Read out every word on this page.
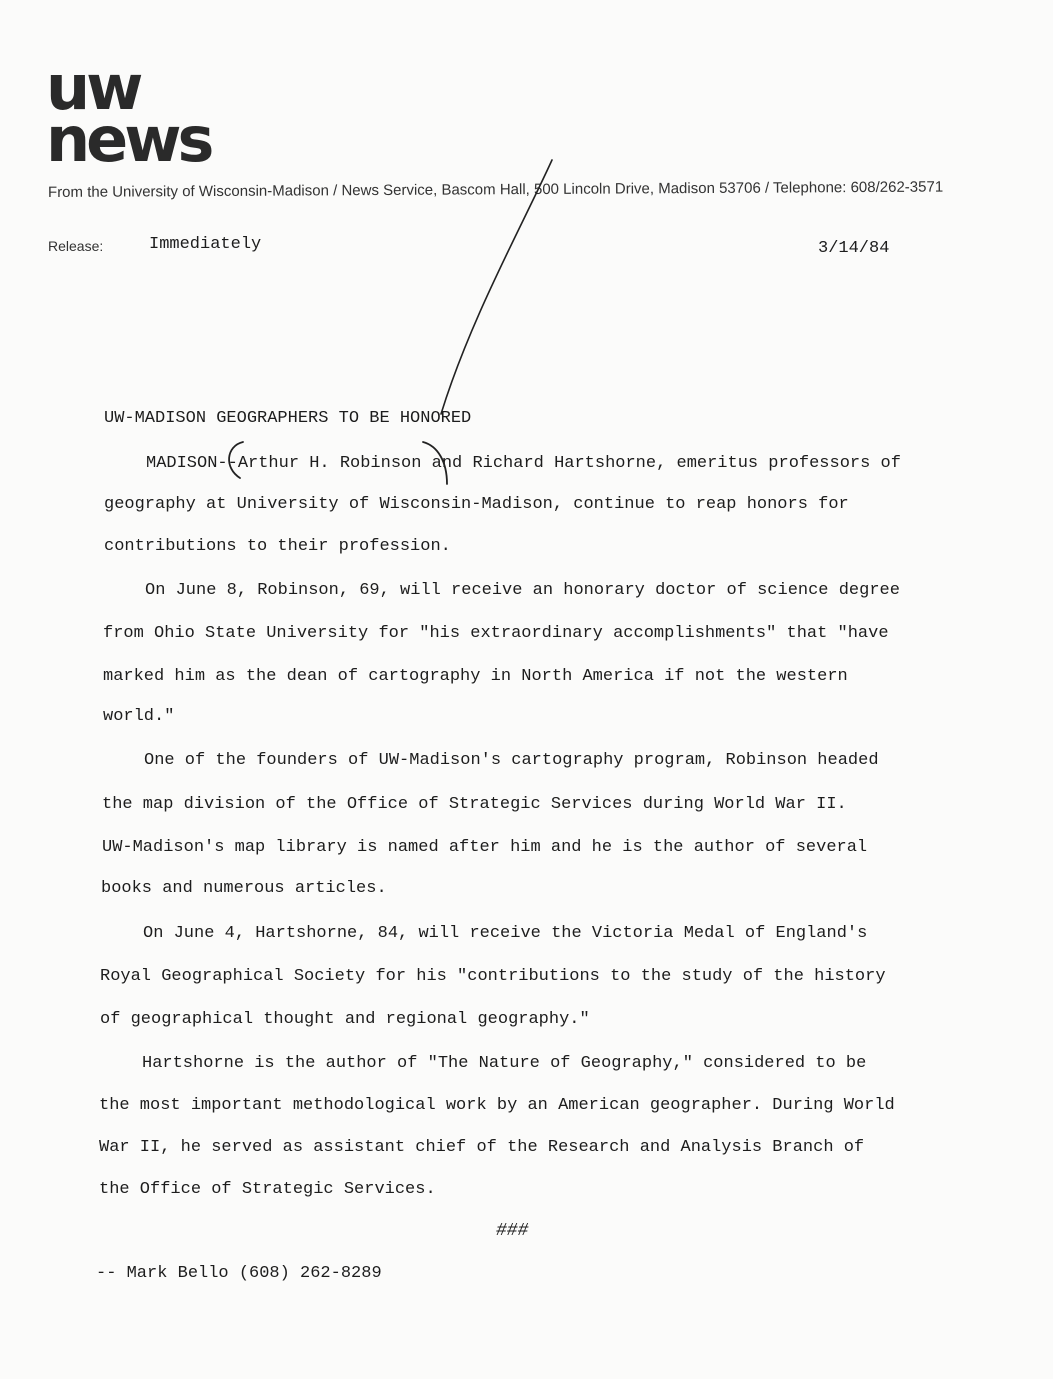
uw
news
From the University of Wisconsin-Madison / News Service, Bascom Hall, 500 Lincoln Drive, Madison 53706 / Telephone: 608/262-3571
Release:	Immediately	3/14/84
UW-MADISON GEOGRAPHERS TO BE HONORED
MADISON--Arthur H. Robinson and Richard Hartshorne, emeritus professors of
geography at University of Wisconsin-Madison, continue to reap honors for
contributions to their profession.
On June 8, Robinson, 69, will receive an honorary doctor of science degree
from Ohio State University for "his extraordinary accomplishments" that "have
marked him as the dean of cartography in North America if not the western
world."
One of the founders of UW-Madison's cartography program, Robinson headed
the map division of the Office of Strategic Services during World War II.
UW-Madison's map library is named after him and he is the author of several
books and numerous articles.
On June 4, Hartshorne, 84, will receive the Victoria Medal of England's
Royal Geographical Society for his "contributions to the study of the history
of geographical thought and regional geography."
Hartshorne is the author of "The Nature of Geography," considered to be
the most important methodological work by an American geographer. During World
War II, he served as assistant chief of the Research and Analysis Branch of
the Office of Strategic Services.
###
-- Mark Bello (608) 262-8289
